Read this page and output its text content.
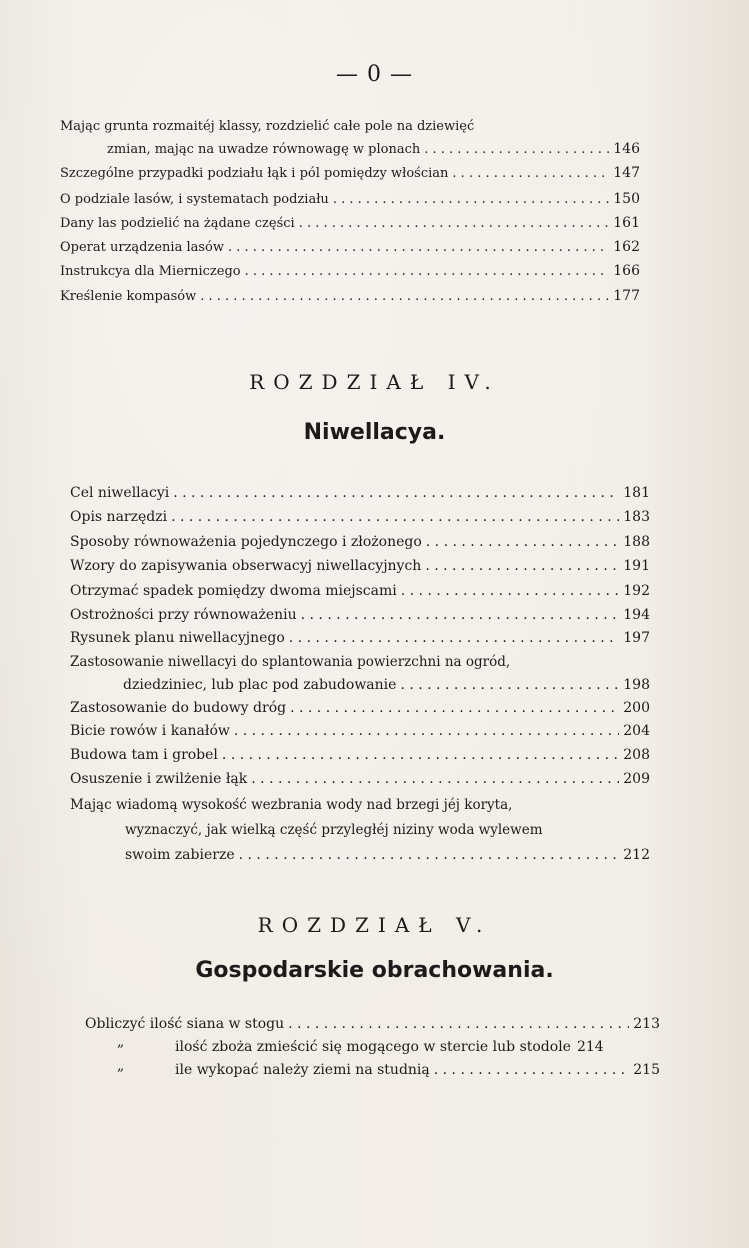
— 0 —
Mając grunta rozmaitéj klassy, rozdzielić całe pole na dziewięć
zmian, mając na uwadze równowagę w plonach . . .	146
Szczególne przypadki podziału łąk i pól pomiędzy włościan . . .	147
O podziale lasów, i systematach podziału . . .	150
Dany las podzielić na żądane części . . .	161
Operat urządzenia lasów . . .	162
Instrukcya dla Mierniczego . . .	166
Kreślenie kompasów . . .	177
ROZDZIAŁ IV.
Niwellacya.
Cel niwellacyi . . .	181
Opis narzędzi . . .	183
Sposoby równoważenia pojedynczego i złożonego . . .	188
Wzory do zapisywania obserwacyj niwellacyjnych . . .	191
Otrzymać spadek pomiędzy dwoma miejscami . . .	192
Ostrożności przy równoważeniu . . .	194
Rysunek planu niwellacyjnego . . .	197
Zastosowanie niwellacyi do splantowania powierzchni na ogród,
dziedziniec, lub plac pod zabudowanie . . .	198
Zastosowanie do budowy dróg . . .	200
Bicie rowów i kanałów . . .	204
Budowa tam i grobel . . .	208
Osuszenie i zwilżenie łąk . . .	209
Mając wiadomą wysokość wezbrania wody nad brzegi jéj koryta,
wyznaczyć, jak wielką część przyległéj niziny woda wylewem
swoim zabierze . . .	212
ROZDZIAŁ V.
Gospodarskie obrachowania.
Obliczyć ilość siana w stogu . . .	213
„	ilość zboża zmieścić się mogącego w stercie lub stodole 214
„	ile wykopać należy ziemi na studnią . . .	215
